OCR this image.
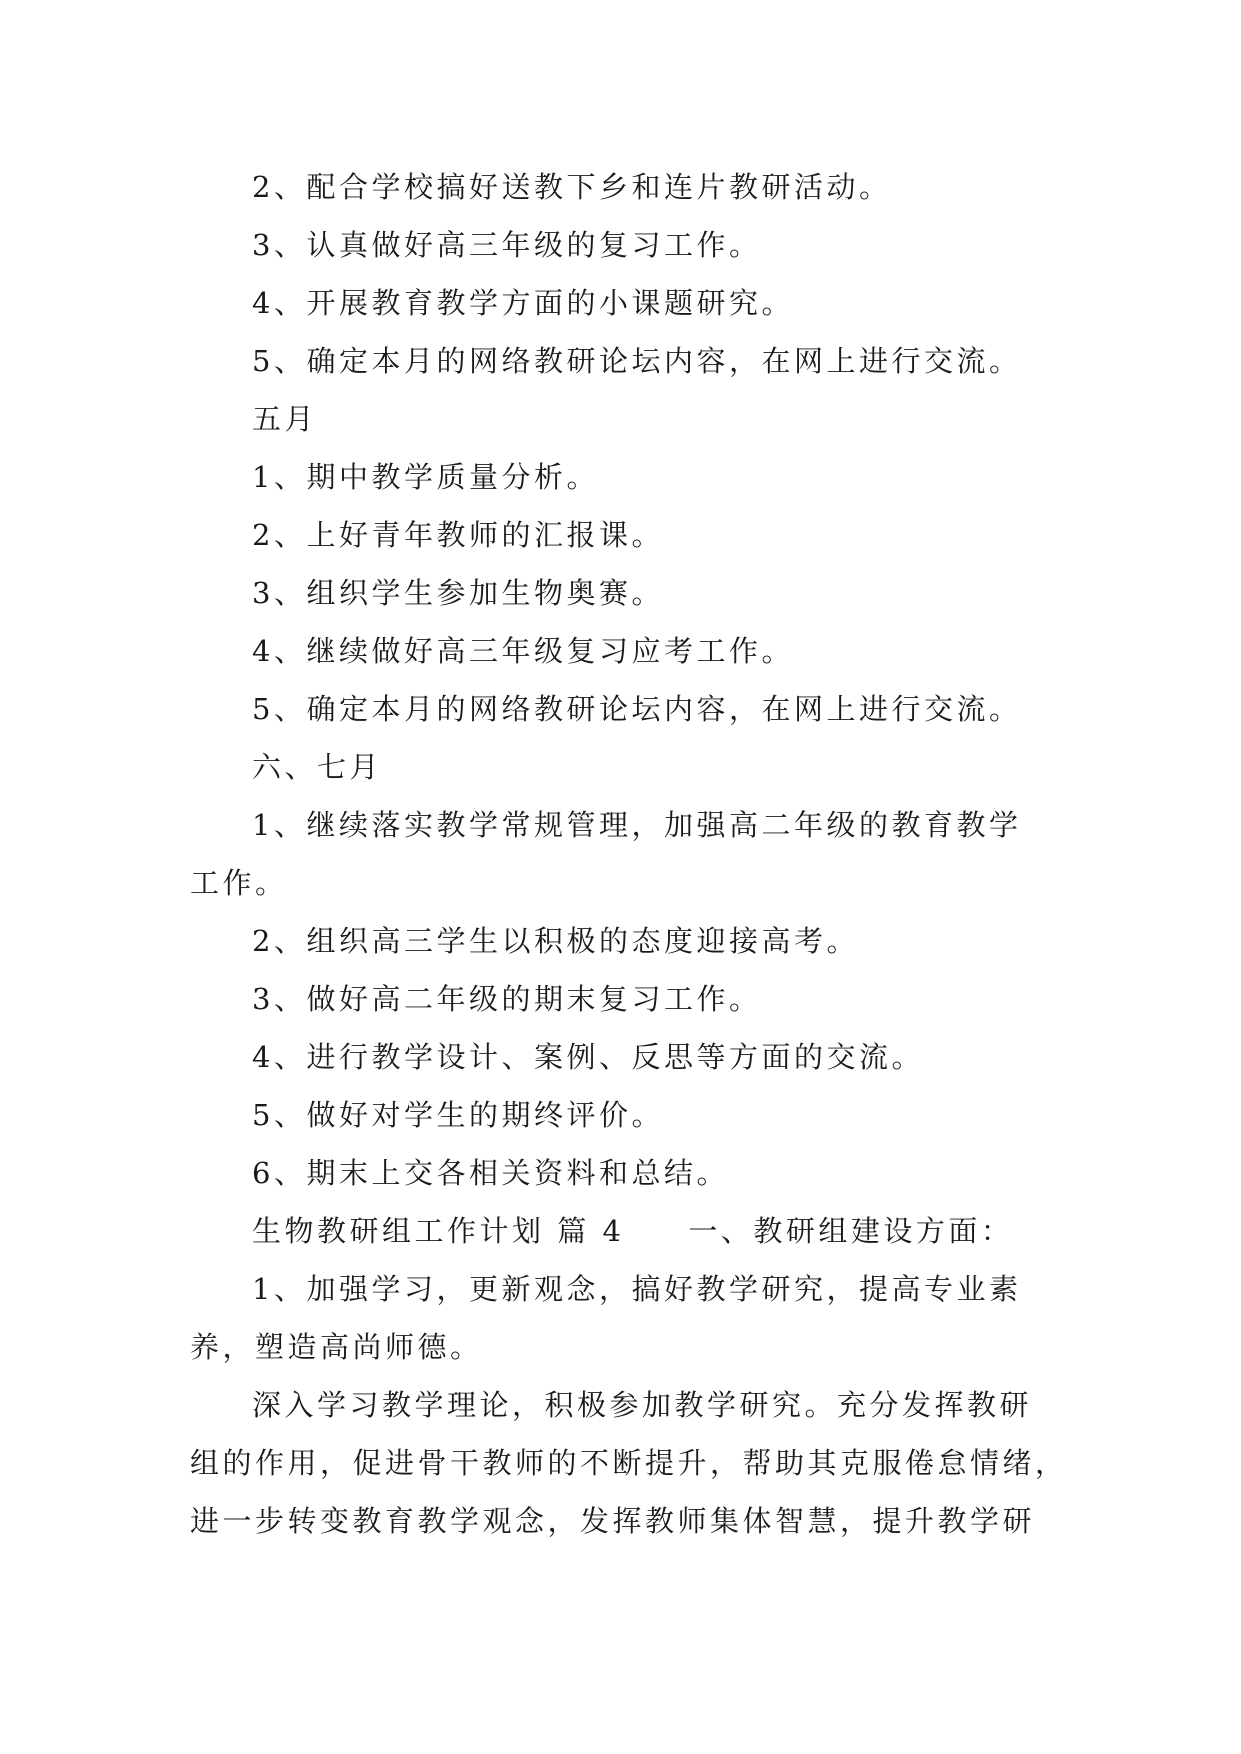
2、配合学校搞好送教下乡和连片教研活动。
3、认真做好高三年级的复习工作。
4、开展教育教学方面的小课题研究。
5、确定本月的网络教研论坛内容，在网上进行交流。
五月
1、期中教学质量分析。
2、上好青年教师的汇报课。
3、组织学生参加生物奥赛。
4、继续做好高三年级复习应考工作。
5、确定本月的网络教研论坛内容，在网上进行交流。
六、七月
1、继续落实教学常规管理，加强高二年级的教育教学
工作。
2、组织高三学生以积极的态度迎接高考。
3、做好高二年级的期末复习工作。
4、进行教学设计、案例、反思等方面的交流。
5、做好对学生的期终评价。
6、期末上交各相关资料和总结。
生物教研组工作计划 篇 4 一、教研组建设方面：
1、加强学习，更新观念，搞好教学研究，提高专业素
养，塑造高尚师德。
深入学习教学理论，积极参加教学研究。充分发挥教研
组的作用，促进骨干教师的不断提升，帮助其克服倦怠情绪，
进一步转变教育教学观念，发挥教师集体智慧，提升教学研
